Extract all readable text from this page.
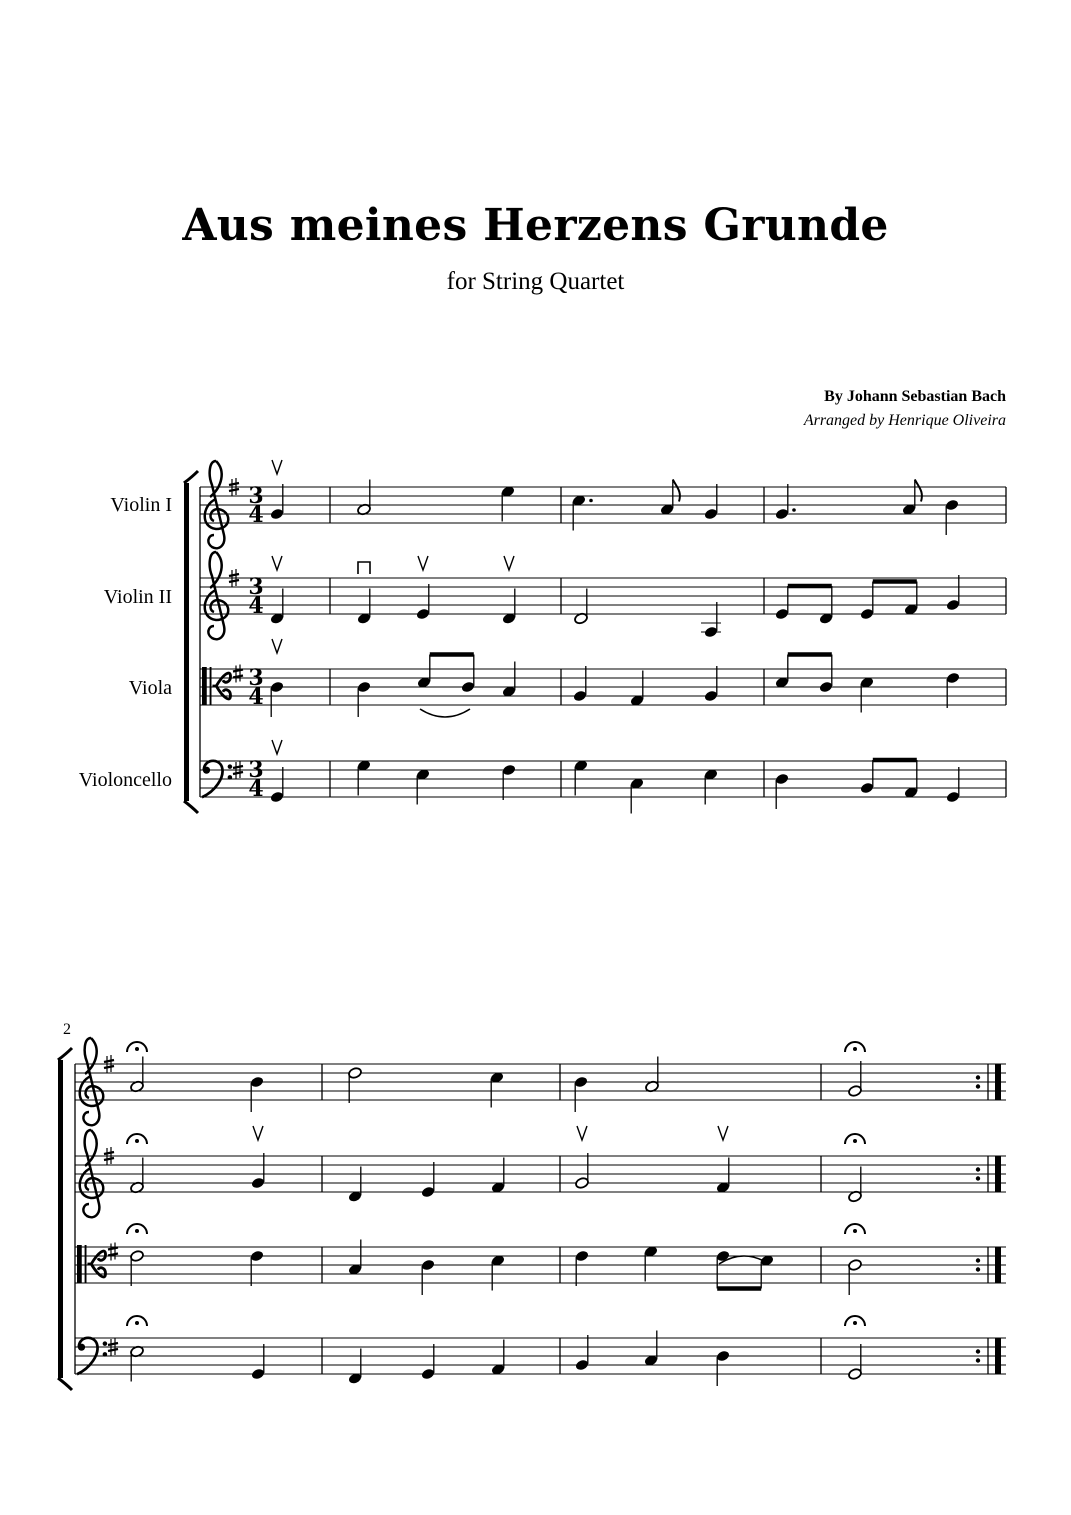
Aus meines Herzens Grunde
for String Quartet
By Johann Sebastian Bach
Arranged by Henrique Oliveira
Violin I
Violin II
Viola
Violoncello
2
3
4
3
4
3
4
3
4
